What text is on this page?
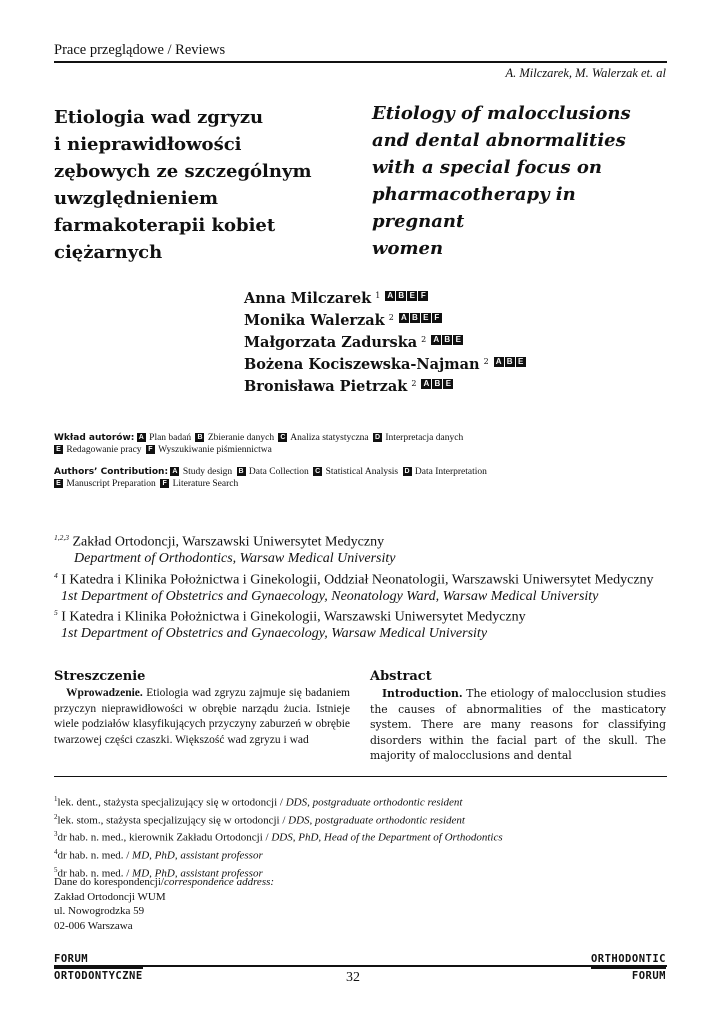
Prace przeglądowe / Reviews
A. Milczarek, M. Walerzak et. al
Etiologia wad zgryzu
i nieprawidłowości
zębowych ze szczególnym
uwzględnieniem
farmakoterapii kobiet
ciężarnych
Etiology of malocclusions
and dental abnormalities
with a special focus on
pharmacotherapy in pregnant
women
Anna Milczarek $^1$ A B E F
Monika Walerzak $^2$ A B E F
Małgorzata Zadurska $^2$ A B E
Bożena Kociszewska-Najman $^2$ A B E
Bronisława Pietrzak $^2$ A B E
Wkład autorów: A Plan badań B Zbieranie danych C Analiza statystyczna D Interpretacja danych
E Redagowanie pracy F Wyszukiwanie piśmiennictwa
Authors’ Contribution: A Study design B Data Collection C Statistical Analysis D Data Interpretation
E Manuscript Preparation F Literature Search
$^{1,2,3}$ Zakład Ortodoncji, Warszawski Uniwersytet Medyczny
Department of Orthodontics, Warsaw Medical University
$^4$ I Katedra i Klinika Położnictwa i Ginekologii, Oddział Neonatologii, Warszawski Uniwersytet Medyczny
1st Department of Obstetrics and Gynaecology, Neonatology Ward, Warsaw Medical University
$^5$ I Katedra i Klinika Położnictwa i Ginekologii, Warszawski Uniwersytet Medyczny
1st Department of Obstetrics and Gynaecology, Warsaw Medical University
Streszczenie
Wprowadzenie. Etiologia wad zgryzu zajmuje się badaniem przyczyn nieprawidłowości w obrębie narządu żucia. Istnieje wiele podziałów klasyfikujących przyczyny zaburzeń w obrębie twarzowej części czaszki. Większość wad zgryzu i wad
Abstract
Introduction. The etiology of malocclusion studies the causes of abnormalities of the masticatory system. There are many reasons for classifying disorders within the facial part of the skull. The majority of malocclusions and dental
$^1$lek. dent., stażysta specjalizujący się w ortodoncji / DDS, postgraduate orthodontic resident
$^2$lek. stom., stażysta specjalizujący się w ortodoncji / DDS, postgraduate orthodontic resident
$^3$dr hab. n. med., kierownik Zakładu Ortodoncji / DDS, PhD, Head of the Department of Orthodontics
$^4$dr hab. n. med. / MD, PhD, assistant professor
$^5$dr hab. n. med. / MD, PhD, assistant professor
Dane do korespondencji/correspondence address:
Zakład Ortodoncji WUM
ul. Nowogrodzka 59
02-006 Warszawa
FORUM
ORTODONTYCZNE	32
ORTHODONTIC
FORUM
